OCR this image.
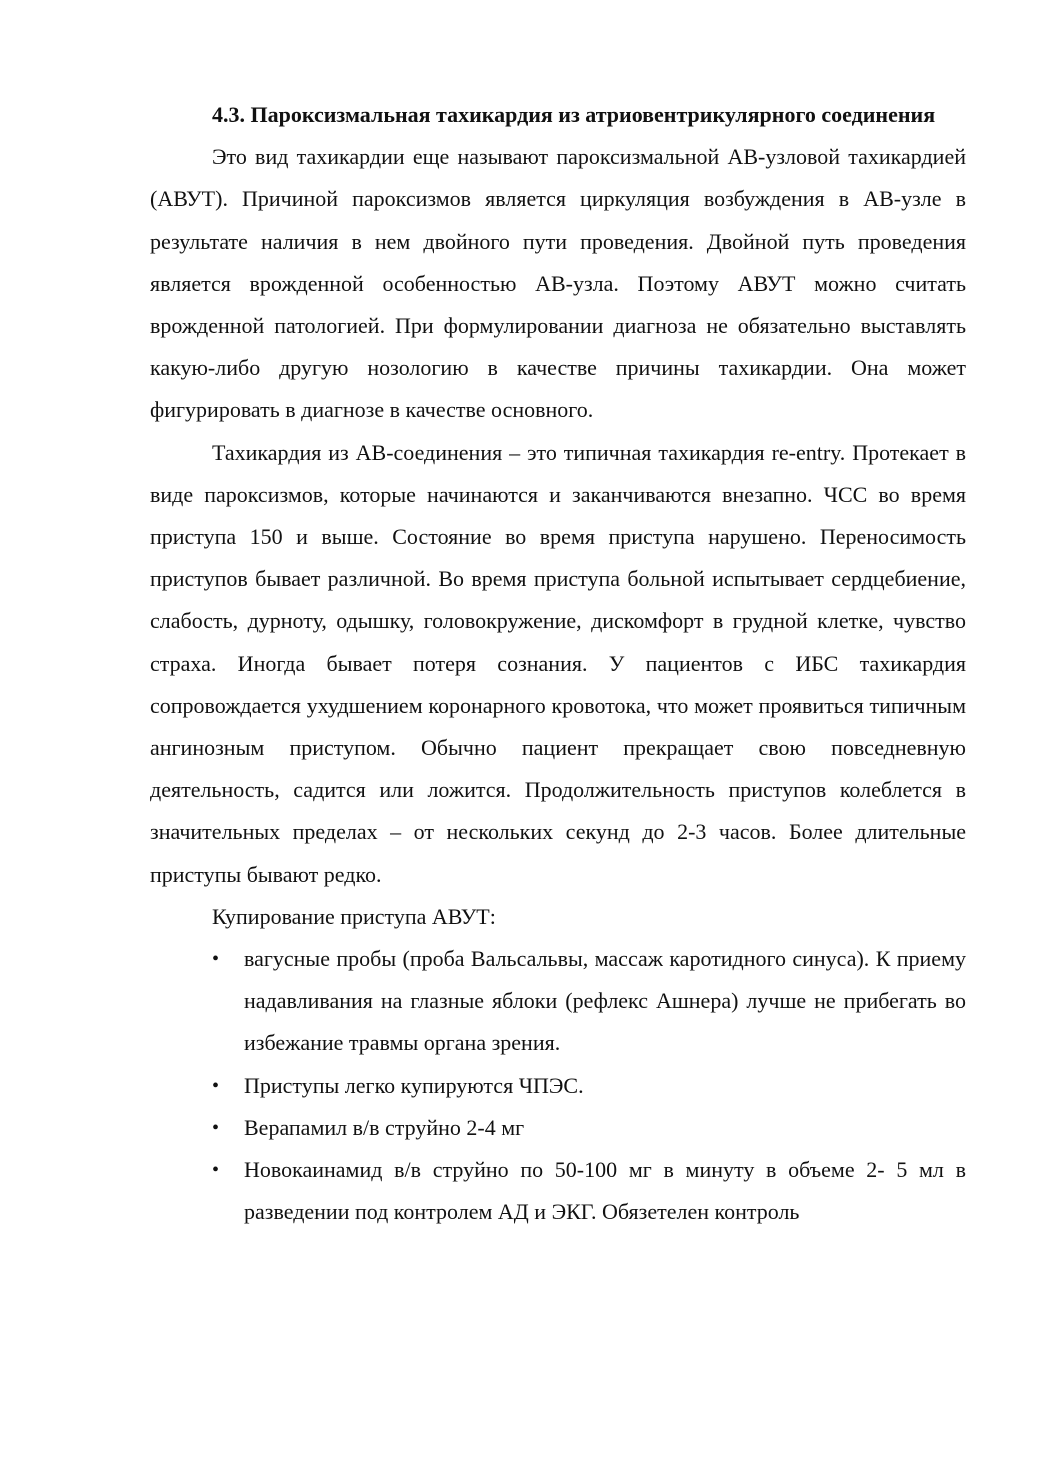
4.3. Пароксизмальная тахикардия из атриовентрикулярного соединения

Это вид тахикардии еще называют пароксизмальной АВ-узловой тахикардией (АВУТ). Причиной пароксизмов является циркуляция возбуждения в АВ-узле в результате наличия в нем двойного пути проведения. Двойной путь проведения является врожденной особенностью АВ-узла. Поэтому АВУТ можно считать врожденной патологией. При формулировании диагноза не обязательно выставлять какую-либо другую нозологию в качестве причины тахикардии. Она может фигурировать в диагнозе в качестве основного.

Тахикардия из АВ-соединения – это типичная тахикардия re-entry. Протекает в виде пароксизмов, которые начинаются и заканчиваются внезапно. ЧСС во время приступа 150 и выше. Состояние во время приступа нарушено. Переносимость приступов бывает различной. Во время приступа больной испытывает сердцебиение, слабость, дурноту, одышку, головокружение, дискомфорт в грудной клетке, чувство страха. Иногда бывает потеря сознания. У пациентов с ИБС тахикардия сопровождается ухудшением коронарного кровотока, что может проявиться типичным ангинозным приступом. Обычно пациент прекращает свою повседневную деятельность, садится или ложится. Продолжительность приступов колеблется в значительных пределах – от нескольких секунд до 2-3 часов. Более длительные приступы бывают редко.

Купирование приступа АВУТ:

• вагусные пробы (проба Вальсальвы, массаж каротидного синуса). К приему надавливания на глазные яблоки (рефлекс Ашнера) лучше не прибегать во избежание травмы органа зрения.
• Приступы легко купируются ЧПЭС.
• Верапамил в/в струйно 2-4 мг
• Новокаинамид в/в струйно по 50-100 мг в минуту в объеме 2- 5 мл в разведении под контролем АД и ЭКГ. Обязетелен контроль
